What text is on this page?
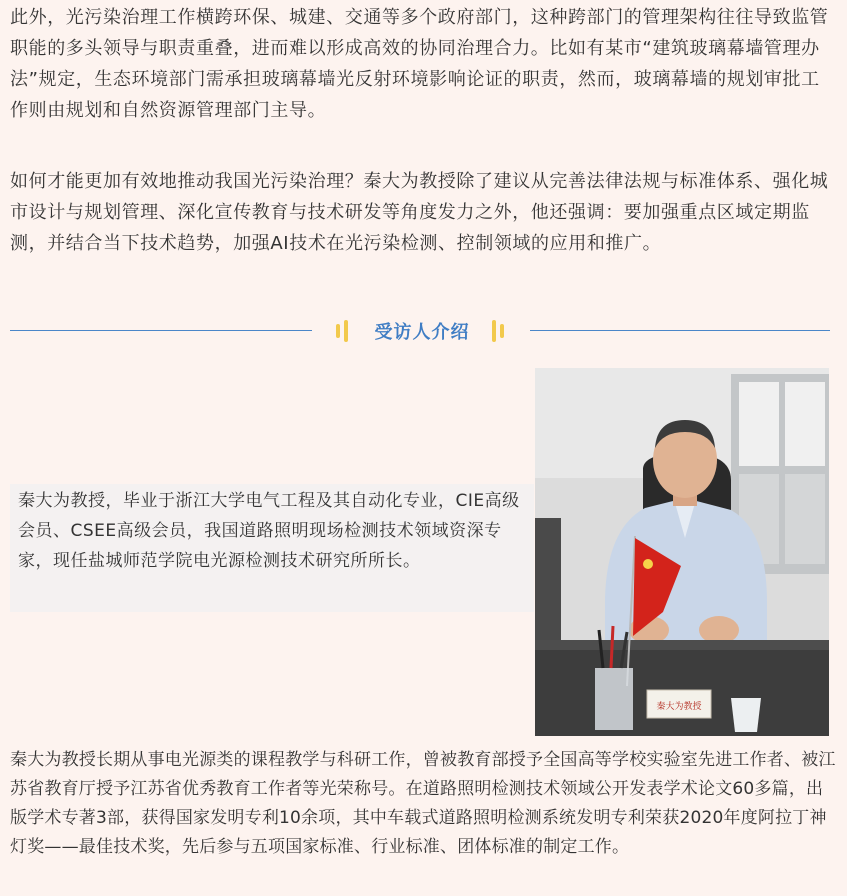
此外，光污染治理工作横跨环保、城建、交通等多个政府部门，这种跨部门的管理架构往往导致监管职能的多头领导与职责重叠，进而难以形成高效的协同治理合力。比如有某市“建筑玻璃幕墙管理办法”规定，生态环境部门需承担玻璃幕墙光反射环境影响论证的职责，然而，玻璃幕墙的规划审批工作则由规划和自然资源管理部门主导。

如何才能更加有效地推动我国光污染治理？秦大为教授除了建议从完善法律法规与标准体系、强化城市设计与规划管理、深化宣传教育与技术研发等角度发力之外，他还强调：要加强重点区域定期监测，并结合当下技术趋势，加强AI技术在光污染检测、控制领域的应用和推广。

受访人介绍

秦大为教授，毕业于浙江大学电气工程及其自动化专业，CIE高级会员、CSEE高级会员，我国道路照明现场检测技术领域资深专家，现任盐城师范学院电光源检测技术研究所所长。

秦大为教授

秦大为教授长期从事电光源类的课程教学与科研工作，曾被教育部授予全国高等学校实验室先进工作者、被江苏省教育厅授予江苏省优秀教育工作者等光荣称号。在道路照明检测技术领域公开发表学术论文60多篇，出版学术专著3部，获得国家发明专利10余项，其中车载式道路照明检测系统发明专利荣获2020年度阿拉丁神灯奖——最佳技术奖，先后参与五项国家标准、行业标准、团体标准的制定工作。
